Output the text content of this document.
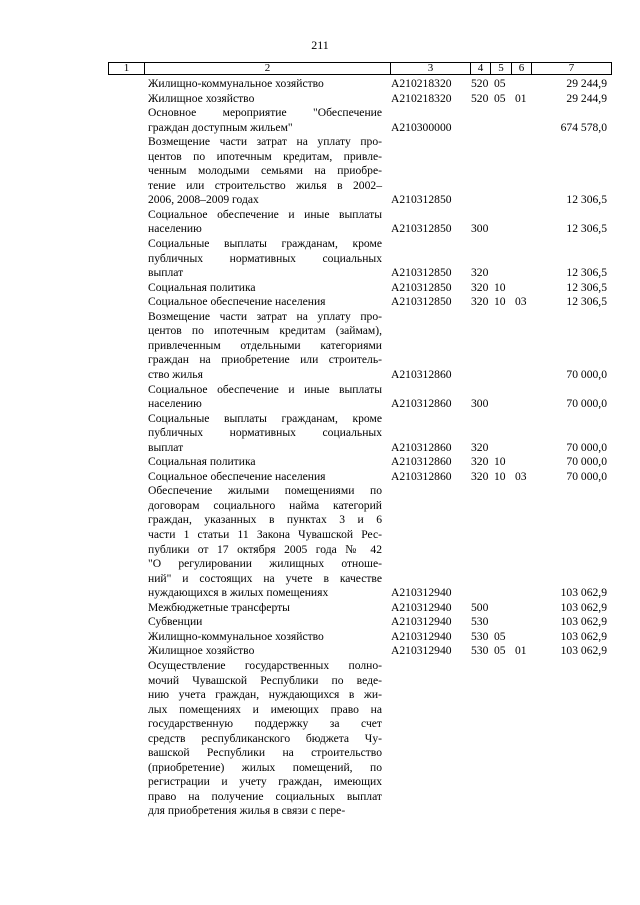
211
1	2	3	4	5	6	7
Жилищно-коммунальное хозяйство	А210218320 520 05	29 244,9
Жилищное хозяйство	А210218320 520 05 01	29 244,9
Основное мероприятие "Обеспечение
граждан доступным жильем"	А210300000	674 578,0
Возмещение части затрат на уплату про-
центов по ипотечным кредитам, привле-
ченным молодыми семьями на приобре-
тение или строительство жилья в 2002–
2006, 2008–2009 годах	А210312850	12 306,5
Социальное обеспечение и иные выплаты
населению	А210312850 300	12 306,5
Социальные выплаты гражданам, кроме
публичных нормативных социальных
выплат	А210312850 320	12 306,5
Социальная политика	А210312850 320 10	12 306,5
Социальное обеспечение населения	А210312850 320 10 03	12 306,5
Возмещение части затрат на уплату про-
центов по ипотечным кредитам (займам),
привлеченным отдельными категориями
граждан на приобретение или строитель-
ство жилья	А210312860	70 000,0
Социальное обеспечение и иные выплаты
населению	А210312860 300	70 000,0
Социальные выплаты гражданам, кроме
публичных нормативных социальных
выплат	А210312860 320	70 000,0
Социальная политика	А210312860 320 10	70 000,0
Социальное обеспечение населения	А210312860 320 10 03	70 000,0
Обеспечение жилыми помещениями по
договорам социального найма категорий
граждан, указанных в пунктах 3 и 6
части 1 статьи 11 Закона Чувашской Рес-
публики от 17 октября 2005 года № 42
"О регулировании жилищных отноше-
ний" и состоящих на учете в качестве
нуждающихся в жилых помещениях	А210312940	103 062,9
Межбюджетные трансферты	А210312940 500	103 062,9
Субвенции	А210312940 530	103 062,9
Жилищно-коммунальное хозяйство	А210312940 530 05	103 062,9
Жилищное хозяйство	А210312940 530 05 01	103 062,9
Осуществление государственных полно-
мочий Чувашской Республики по веде-
нию учета граждан, нуждающихся в жи-
лых помещениях и имеющих право на
государственную поддержку за счет
средств республиканского бюджета Чу-
вашской Республики на строительство
(приобретение) жилых помещений, по
регистрации и учету граждан, имеющих
право на получение социальных выплат
для приобретения жилья в связи с пере-
